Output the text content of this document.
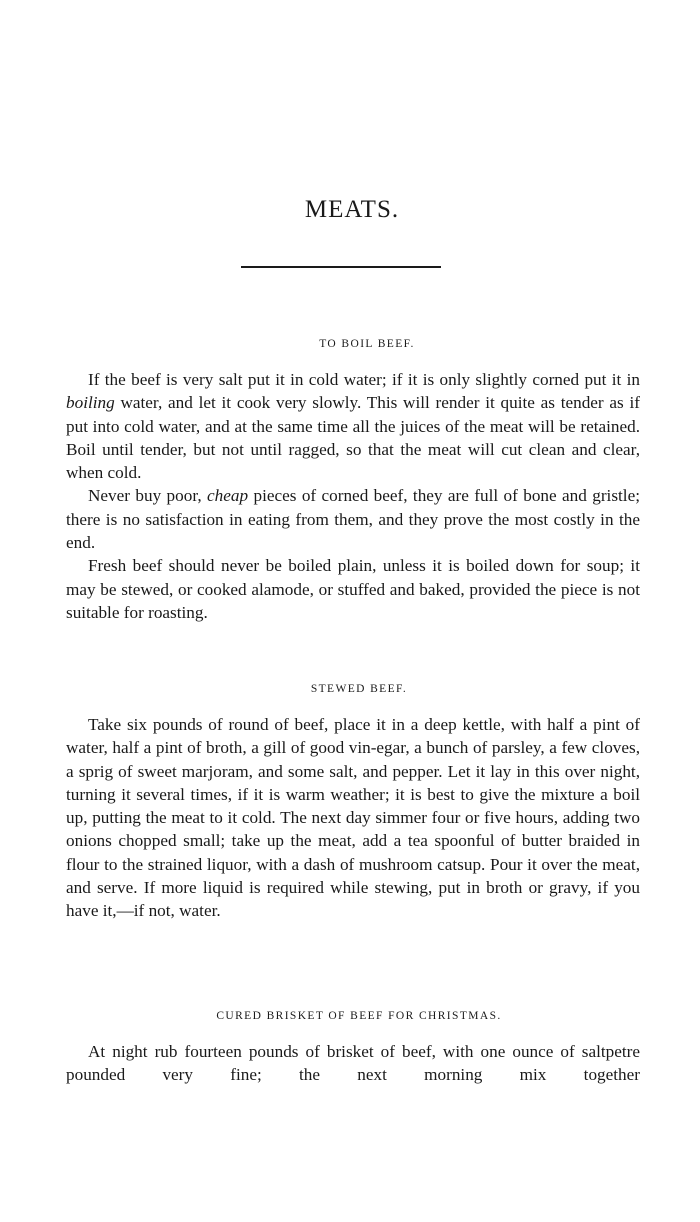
MEATS.
TO BOIL BEEF.

If the beef is very salt put it in cold water; if it is only slightly corned put it in boiling water, and let it cook very slowly. This will render it quite as tender as if put into cold water, and at the same time all the juices of the meat will be retained. Boil until tender, but not until ragged, so that the meat will cut clean and clear, when cold.

Never buy poor, cheap pieces of corned beef, they are full of bone and gristle; there is no satisfaction in eating from them, and they prove the most costly in the end.

Fresh beef should never be boiled plain, unless it is boiled down for soup; it may be stewed, or cooked alamode, or stuffed and baked, provided the piece is not suitable for roasting.

STEWED BEEF.

Take six pounds of round of beef, place it in a deep kettle, with half a pint of water, half a pint of broth, a gill of good vin-egar, a bunch of parsley, a few cloves, a sprig of sweet marjoram, and some salt, and pepper. Let it lay in this over night, turning it several times, if it is warm weather; it is best to give the mixture a boil up, putting the meat to it cold. The next day simmer four or five hours, adding two onions chopped small; take up the meat, add a tea spoonful of butter braided in flour to the strained liquor, with a dash of mushroom catsup. Pour it over the meat, and serve. If more liquid is required while stewing, put in broth or gravy, if you have it,—if not, water.

CURED BRISKET OF BEEF FOR CHRISTMAS.

At night rub fourteen pounds of brisket of beef, with one ounce of saltpetre pounded very fine; the next morning mix together
